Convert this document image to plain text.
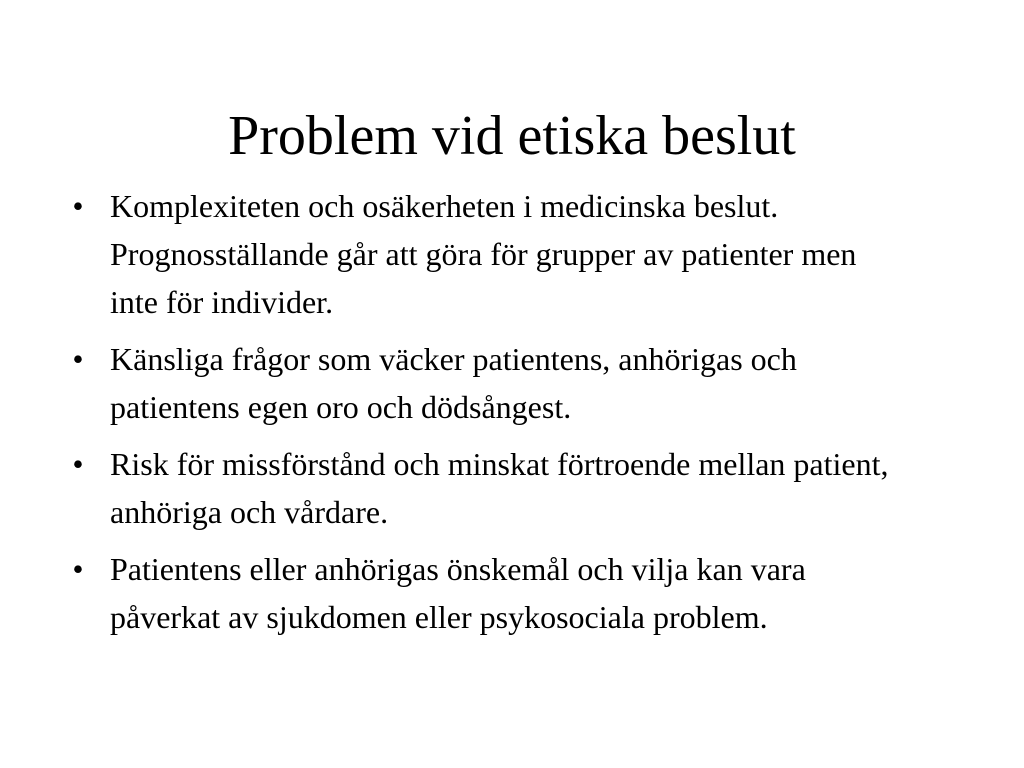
Problem vid etiska beslut
• Komplexiteten och osäkerheten i medicinska beslut. Prognosställande går att göra för grupper av patienter men inte för individer.
• Känsliga frågor som väcker patientens, anhörigas och patientens egen oro och dödsångest.
• Risk för missförstånd och minskat förtroende mellan patient, anhöriga och vårdare.
• Patientens eller anhörigas önskemål och vilja kan vara påverkat av sjukdomen eller psykosociala problem.
